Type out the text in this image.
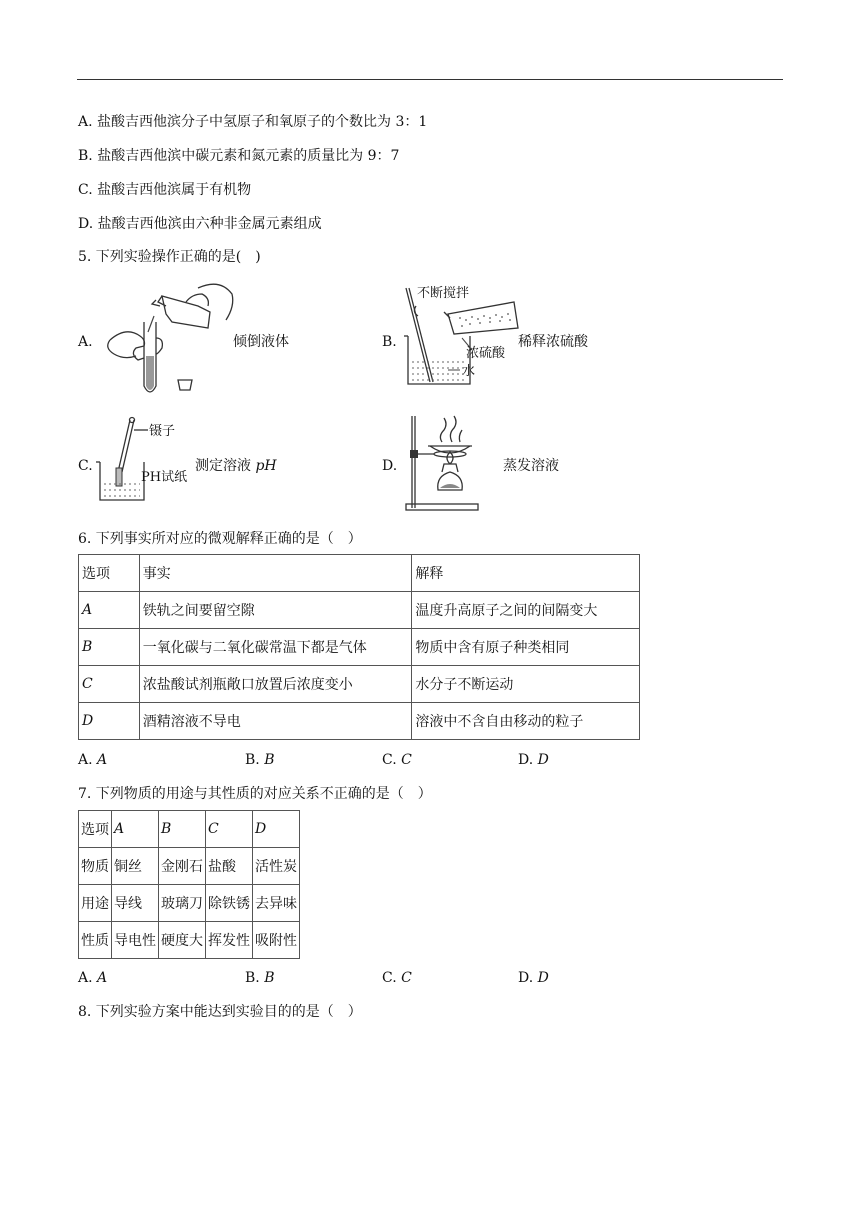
A. 盐酸吉西他滨分子中氢原子和氧原子的个数比为 3：1
B. 盐酸吉西他滨中碳元素和氮元素的质量比为 9：7
C. 盐酸吉西他滨属于有机物
D. 盐酸吉西他滨由六种非金属元素组成
5. 下列实验操作正确的是(　)
A.	倾倒液体	B.
不断搅拌
浓硫酸
水
稀释浓硫酸
C.
镊子
PH试纸
测定溶液 pH	D.	蒸发溶液
6. 下列事实所对应的微观解释正确的是（　）
选项	事实	解释
A	铁轨之间要留空隙	温度升高原子之间的间隔变大
B	一氧化碳与二氧化碳常温下都是气体	物质中含有原子种类相同
C	浓盐酸试剂瓶敞口放置后浓度变小	水分子不断运动
D	酒精溶液不导电	溶液中不含自由移动的粒子
A. A	B. B	C. C	D. D
7. 下列物质的用途与其性质的对应关系不正确的是（　）
选项	A	B	C	D
物质	铜丝	金刚石	盐酸	活性炭
用途	导线	玻璃刀	除铁锈	去异味
性质	导电性	硬度大	挥发性	吸附性
A. A	B. B	C. C	D. D
8. 下列实验方案中能达到实验目的的是（　）
